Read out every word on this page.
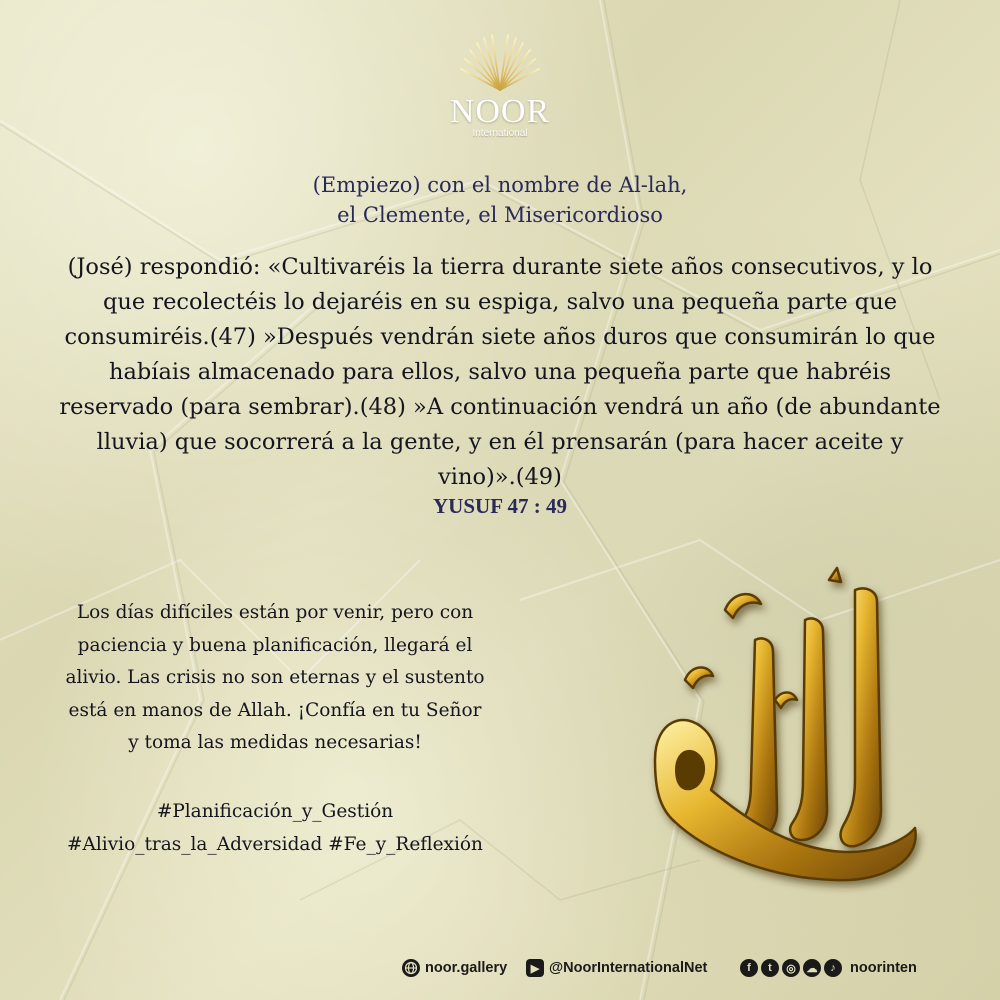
NOOR
International
(Empiezo) con el nombre de Al-lah,
el Clemente, el Misericordioso
(José) respondió: «Cultivaréis la tierra durante siete años consecutivos, y lo que recolectéis lo dejaréis en su espiga, salvo una pequeña parte que consumiréis.(47) »Después vendrán siete años duros que consumirán lo que habíais almacenado para ellos, salvo una pequeña parte que habréis reservado (para sembrar).(48) »A continuación vendrá un año (de abundante lluvia) que socorrerá a la gente, y en él prensarán (para hacer aceite y vino)».(49)
YUSUF 47 : 49
Los días difíciles están por venir, pero con
paciencia y buena planificación, llegará el
alivio. Las crisis no son eternas y el sustento
está en manos de Allah. ¡Confía en tu Señor
y toma las medidas necesarias!
#Planificación_y_Gestión
#Alivio_tras_la_Adversidad #Fe_y_Reflexión
noor.gallery	▶ @NoorInternationalNet	f	t	◎ ☁	♪ noorinten
